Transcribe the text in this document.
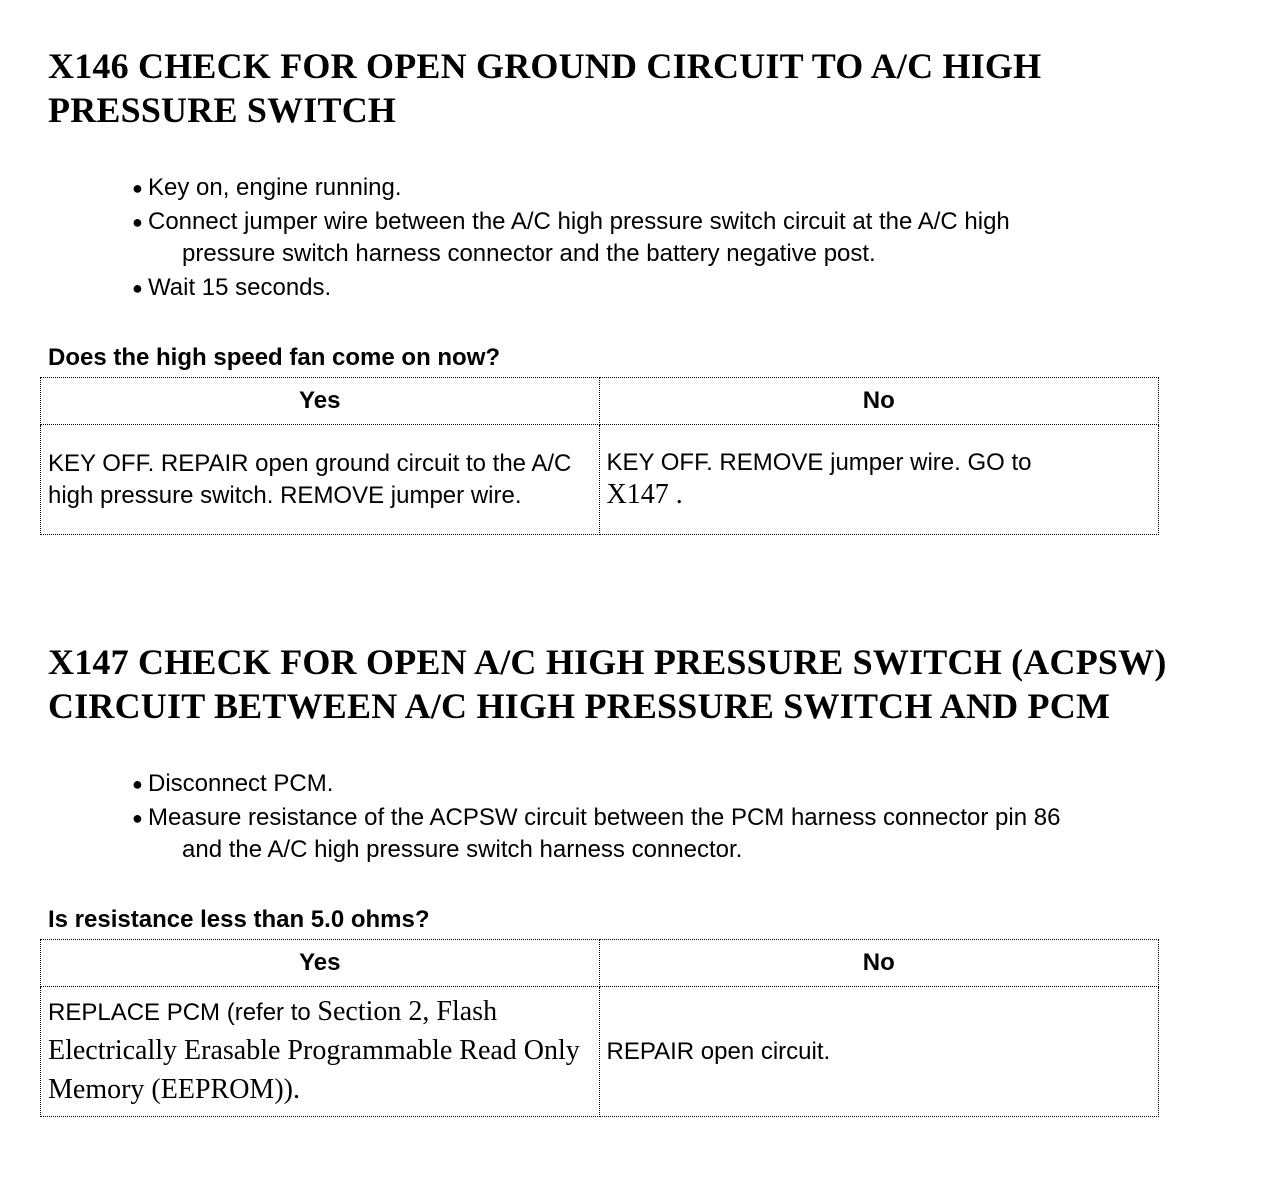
X146 CHECK FOR OPEN GROUND CIRCUIT TO A/C HIGH
PRESSURE SWITCH
● Key on, engine running.
● Connect jumper wire between the A/C high pressure switch circuit at the A/C high
pressure switch harness connector and the battery negative post.
● Wait 15 seconds.

Does the high speed fan come on now?

Yes	No
KEY OFF. REPAIR open ground circuit to the A/C high pressure switch. REMOVE jumper wire.	KEY OFF. REMOVE jumper wire. GO to
X147 .
X147 CHECK FOR OPEN A/C HIGH PRESSURE SWITCH (ACPSW)
CIRCUIT BETWEEN A/C HIGH PRESSURE SWITCH AND PCM
● Disconnect PCM.
● Measure resistance of the ACPSW circuit between the PCM harness connector pin 86
and the A/C high pressure switch harness connector.

Is resistance less than 5.0 ohms?

Yes	No
REPLACE PCM (refer to Section 2, Flash
Electrically Erasable Programmable Read Only Memory (EEPROM)).	REPAIR open circuit.
